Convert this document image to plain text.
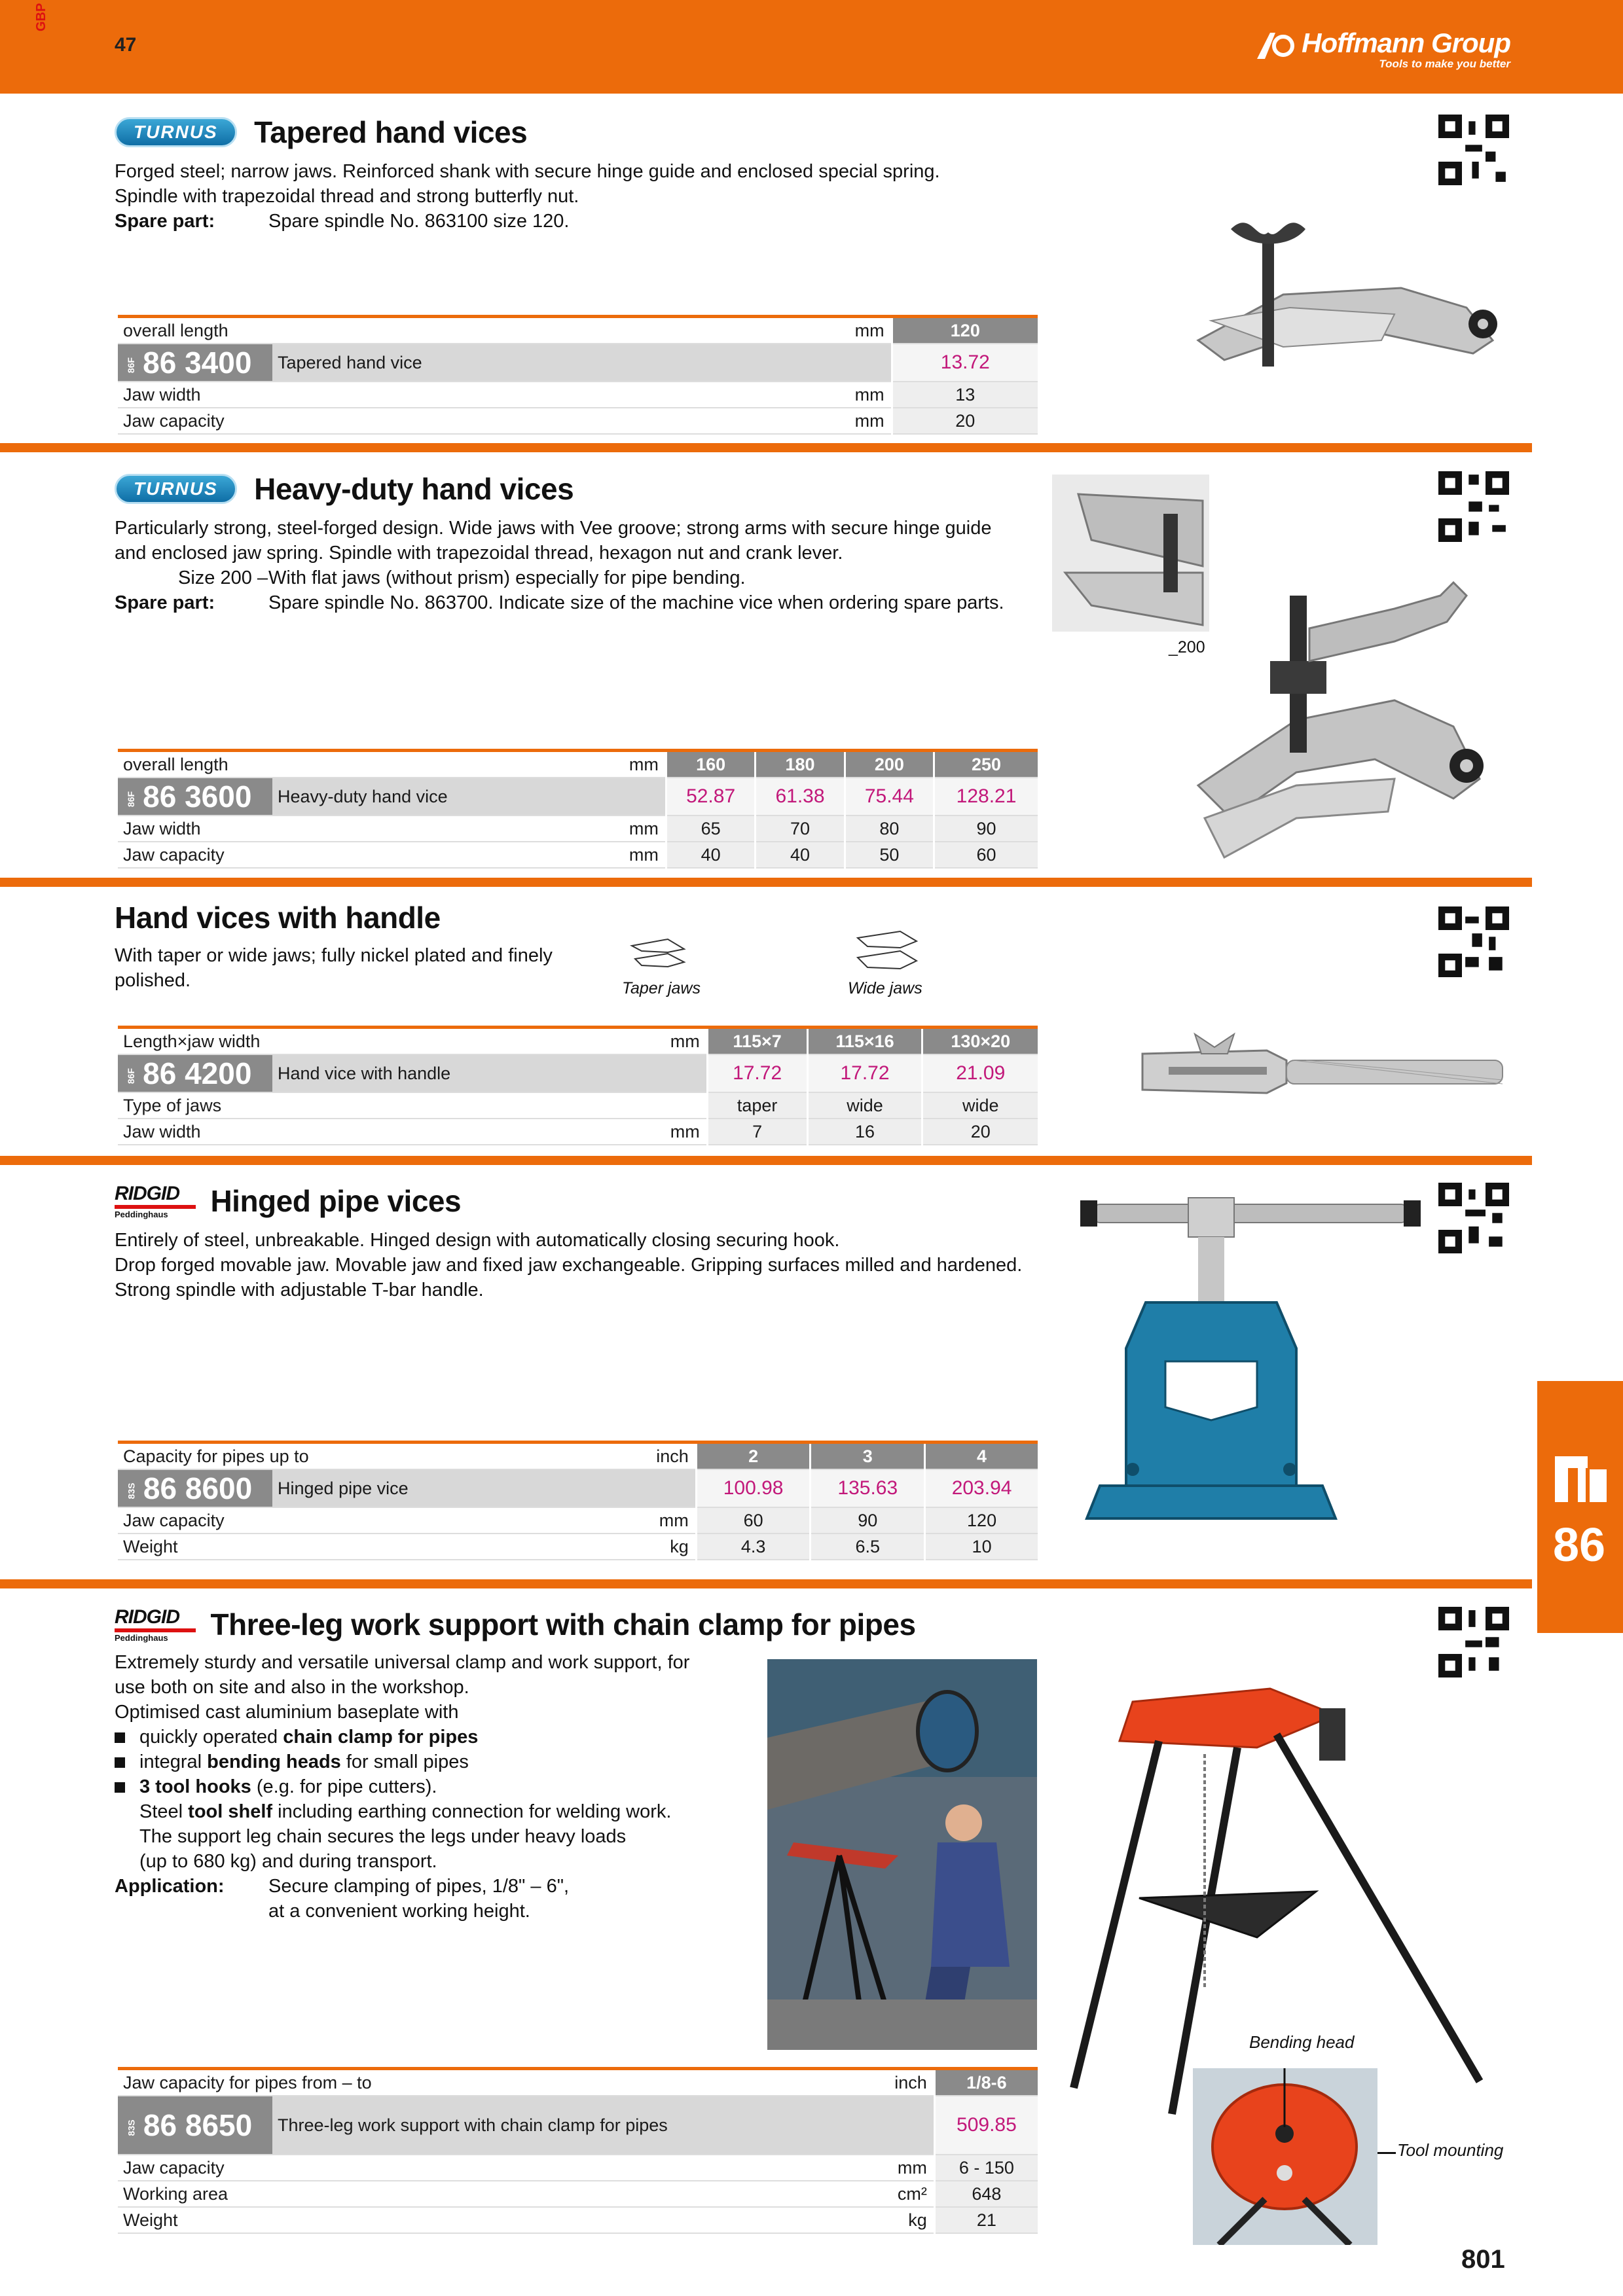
GBP
47	Hoffmann Group
Tools to make you better
TURNUS Tapered hand vices
Forged steel; narrow jaws. Reinforced shank with secure hinge guide and enclosed special spring.
Spindle with trapezoidal thread and strong butterfly nut.
Spare part:	Spare spindle No. 863100 size 120.
overall length		mm	120
86F 86 3400	Tapered hand vice		13.72
Jaw width		mm	13
Jaw capacity		mm	20
TURNUS Heavy-duty hand vices
Particularly strong, steel-forged design. Wide jaws with Vee groove; strong arms with secure hinge guide
and enclosed jaw spring. Spindle with trapezoidal thread, hexagon nut and crank lever.
Size 200 –With flat jaws (without prism) especially for pipe bending.
Spare part:	Spare spindle No. 863700. Indicate size of the machine vice when ordering spare parts.
_200
overall length		mm	160	180	200	250
86F 86 3600	Heavy-duty hand vice		52.87	61.38	75.44	128.21
Jaw width		mm	65	70	80	90
Jaw capacity		mm	40	40	50	60
Hand vices with handle
With taper or wide jaws; fully nickel plated and finely
polished.	Taper jaws	Wide jaws
Length×jaw width		mm	115×7	115×16	130×20
86F 86 4200	Hand vice with handle		17.72	17.72	21.09
Type of jaws			taper	wide	wide
Jaw width		mm	7	16	20
RIDGID
Peddinghaus	Hinged pipe vices
Entirely of steel, unbreakable. Hinged design with automatically closing securing hook.
Drop forged movable jaw. Movable jaw and fixed jaw exchangeable. Gripping surfaces milled and hardened.
Strong spindle with adjustable T-bar handle.
Capacity for pipes up to		inch	2	3	4
83S 86 8600	Hinged pipe vice		100.98	135.63	203.94
Jaw capacity		mm	60	90	120
Weight		kg	4.3	6.5	10	86
RIDGID
Peddinghaus	Three-leg work support with chain clamp for pipes
Extremely sturdy and versatile universal clamp and work support, for
use both on site and also in the workshop.
Optimised cast aluminium baseplate with
quickly operated chain clamp for pipes
integral bending heads for small pipes
3 tool hooks (e.g. for pipe cutters).
Steel tool shelf including earthing connection for welding work.
The support leg chain secures the legs under heavy loads
(up to 680 kg) and during transport.
Application: Secure clamping of pipes, 1/8" – 6",
at a convenient working height.
Bending head
Tool mounting
Jaw capacity for pipes from – to		inch	1/8-6
83S 86 8650	Three-leg work support with chain clamp for pipes		509.85
Jaw capacity		mm	6 - 150
Working area		cm²	648
Weight		kg	21
801
